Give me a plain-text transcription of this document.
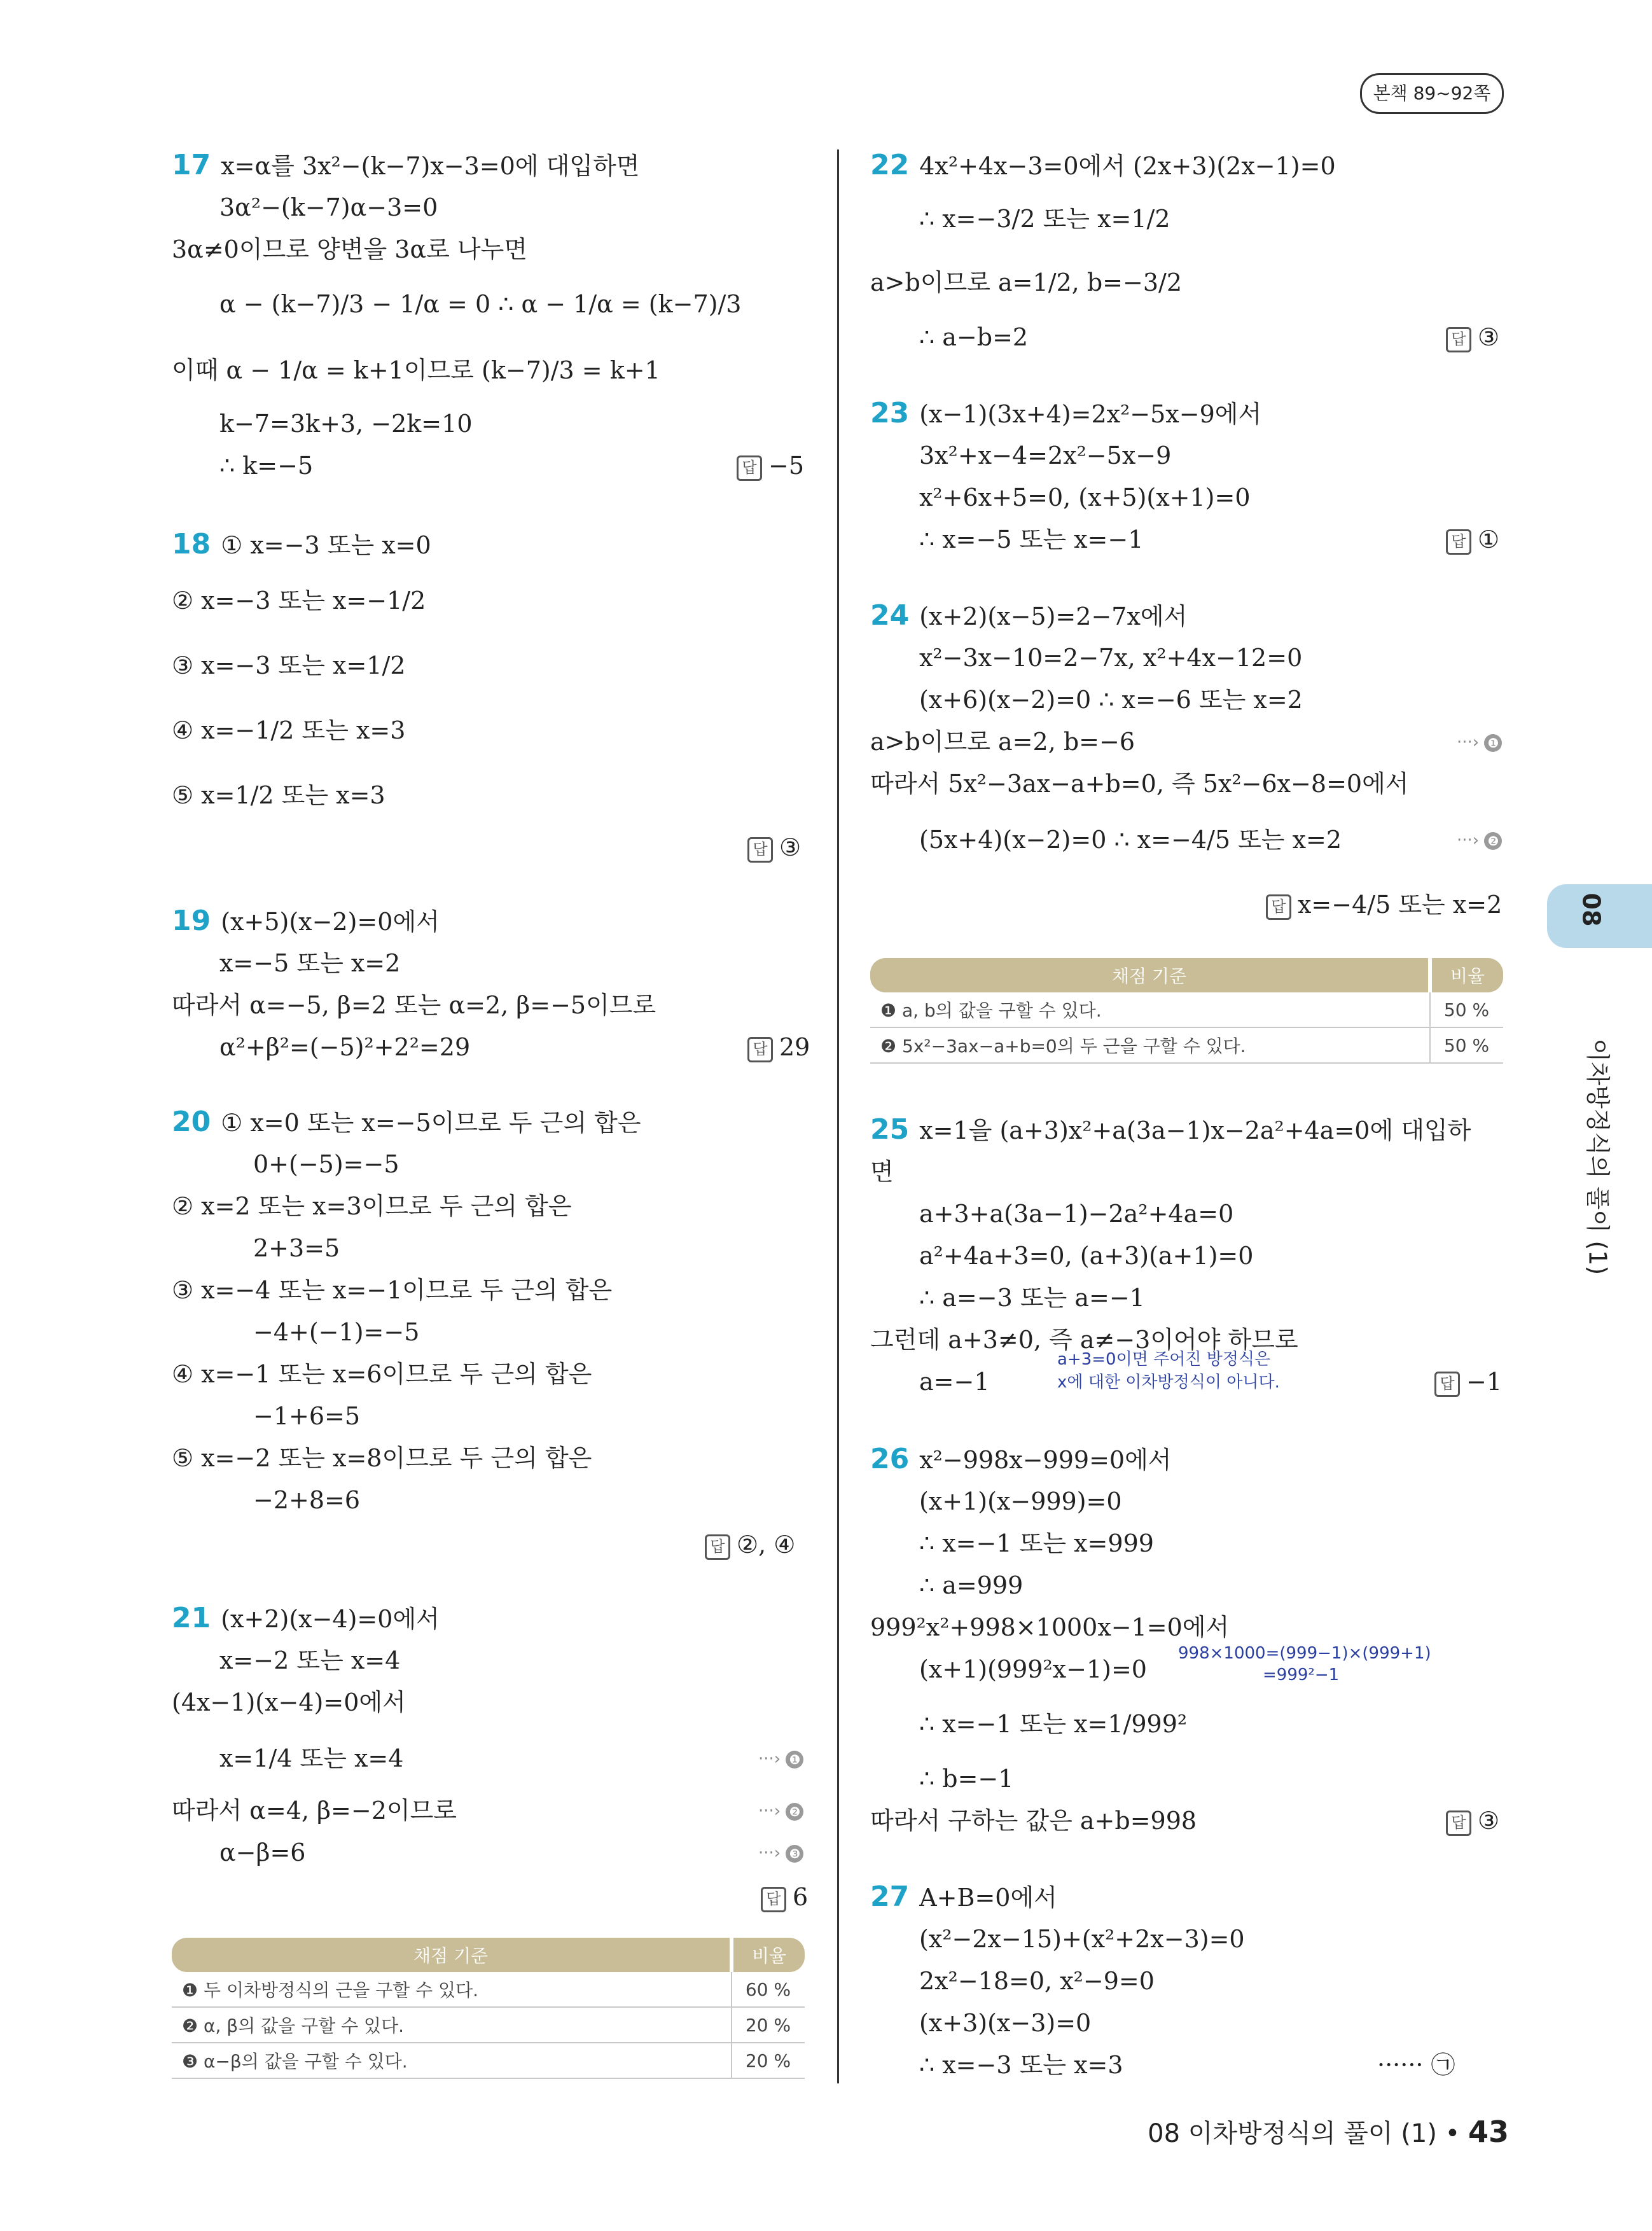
본책 89~92쪽
17 x=α를 3x²−(k−7)x−3=0에 대입하면
3α²−(k−7)α−3=0
3α≠0이므로 양변을 3α로 나누면
α − (k−7)/3 − 1/α = 0 ∴ α − 1/α = (k−7)/3
이때 α − 1/α = k+1이므로 (k−7)/3 = k+1
k−7=3k+3, −2k=10
∴ k=−5	답 −5
18 ① x=−3 또는 x=0
② x=−3 또는 x=−1/2
③ x=−3 또는 x=1/2
④ x=−1/2 또는 x=3
⑤ x=1/2 또는 x=3
답 ③
19 (x+5)(x−2)=0에서
x=−5 또는 x=2
따라서 α=−5, β=2 또는 α=2, β=−5이므로
α²+β²=(−5)²+2²=29	답 29
20 ① x=0 또는 x=−5이므로 두 근의 합은
0+(−5)=−5
② x=2 또는 x=3이므로 두 근의 합은
2+3=5
③ x=−4 또는 x=−1이므로 두 근의 합은
−4+(−1)=−5
④ x=−1 또는 x=6이므로 두 근의 합은
−1+6=5
⑤ x=−2 또는 x=8이므로 두 근의 합은
−2+8=6
답 ②, ④
21 (x+2)(x−4)=0에서
x=−2 또는 x=4
(4x−1)(x−4)=0에서
x=1/4 또는 x=4	···› ❶
따라서 α=4, β=−2이므로	···› ❷
α−β=6	···› ❸
답 6
채점 기준	비율
❶ 두 이차방정식의 근을 구할 수 있다.	60 %
❷ α, β의 값을 구할 수 있다.	20 %
❸ α−β의 값을 구할 수 있다.	20 %
22 4x²+4x−3=0에서 (2x+3)(2x−1)=0
∴ x=−3/2 또는 x=1/2
a>b이므로 a=1/2, b=−3/2
∴ a−b=2	답 ③
23 (x−1)(3x+4)=2x²−5x−9에서
3x²+x−4=2x²−5x−9
x²+6x+5=0, (x+5)(x+1)=0
∴ x=−5 또는 x=−1	답 ①
24 (x+2)(x−5)=2−7x에서
x²−3x−10=2−7x, x²+4x−12=0
(x+6)(x−2)=0 ∴ x=−6 또는 x=2
a>b이므로 a=2, b=−6	···› ❶
따라서 5x²−3ax−a+b=0, 즉 5x²−6x−8=0에서
(5x+4)(x−2)=0 ∴ x=−4/5 또는 x=2	···› ❷
답 x=−4/5 또는 x=2
채점 기준	비율
❶ a, b의 값을 구할 수 있다.	50 %
❷ 5x²−3ax−a+b=0의 두 근을 구할 수 있다.	50 %
25 x=1을 (a+3)x²+a(3a−1)x−2a²+4a=0에 대입하
면
a+3+a(3a−1)−2a²+4a=0
a²+4a+3=0, (a+3)(a+1)=0
∴ a=−3 또는 a=−1
그런데 a+3≠0, 즉 a≠−3이어야 하므로
a+3=0이면 주어진 방정식은
x에 대한 이차방정식이 아니다.
a=−1	답 −1
26 x²−998x−999=0에서
(x+1)(x−999)=0
∴ x=−1 또는 x=999
∴ a=999
999²x²+998×1000x−1=0에서
(x+1)(999²x−1)=0
998×1000=(999−1)×(999+1)
=999²−1
∴ x=−1 또는 x=1/999²
∴ b=−1
따라서 구하는 값은 a+b=998	답 ③
27 A+B=0에서
(x²−2x−15)+(x²+2x−3)=0
2x²−18=0, x²−9=0
(x+3)(x−3)=0
∴ x=−3 또는 x=3	······ ㉠
08
이차방정식의 풀이 (1)
08 이차방정식의 풀이 (1) • 43
